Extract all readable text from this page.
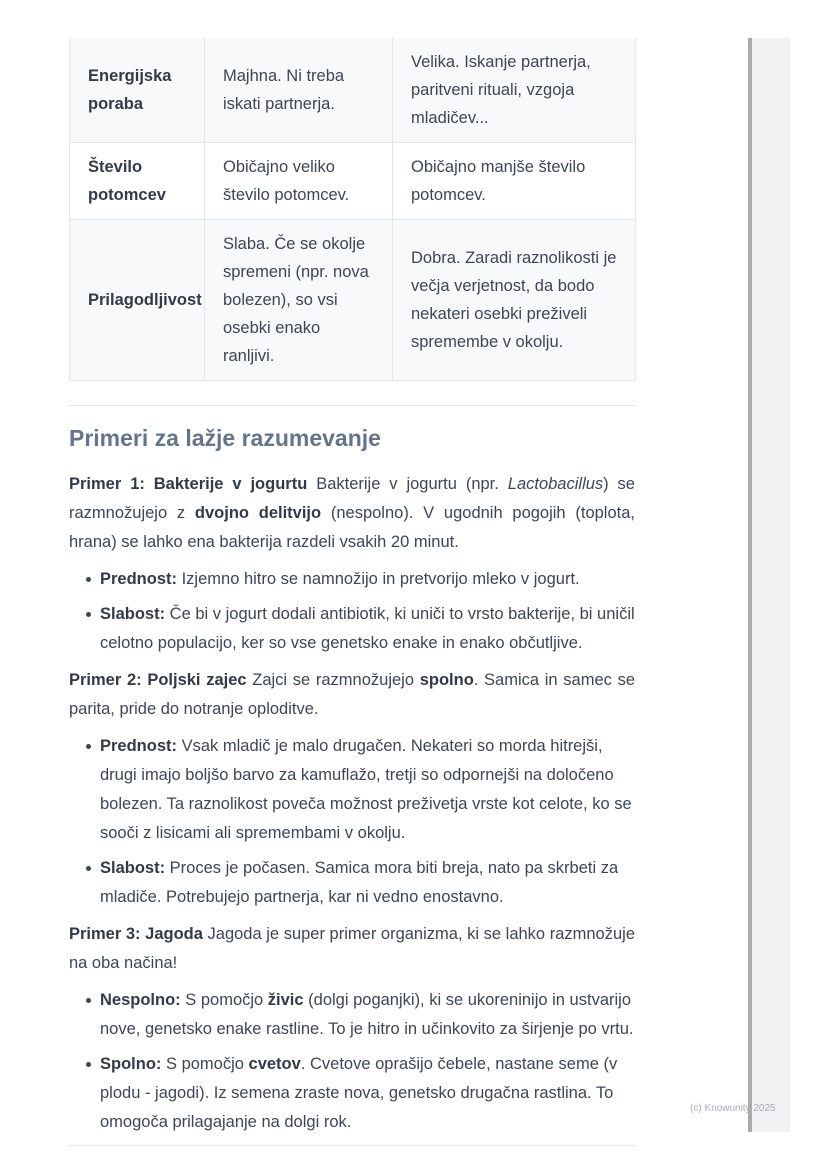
Energijska poraba	Majhna. Ni treba iskati partnerja.	Velika. Iskanje partnerja, paritveni rituali, vzgoja mladičev...
Število potomcev	Običajno veliko število potomcev.	Običajno manjše število potomcev.
Prilagodljivost	Slaba. Če se okolje spremeni (npr. nova bolezen), so vsi osebki enako ranljivi.	Dobra. Zaradi raznolikosti je večja verjetnost, da bodo nekateri osebki preživeli spremembe v okolju.
Primeri za lažje razumevanje

Primer 1: Bakterije v jogurtu Bakterije v jogurtu (npr. Lactobacillus) se razmnožujejo z dvojno delitvijo (nespolno). V ugodnih pogojih (toplota, hrana) se lahko ena bakterija razdeli vsakih 20 minut.

Prednost: Izjemno hitro se namnožijo in pretvorijo mleko v jogurt.
Slabost: Če bi v jogurt dodali antibiotik, ki uniči to vrsto bakterije, bi uničil celotno populacijo, ker so vse genetsko enake in enako občutljive.

Primer 2: Poljski zajec Zajci se razmnožujejo spolno. Samica in samec se parita, pride do notranje oploditve.

Prednost: Vsak mladič je malo drugačen. Nekateri so morda hitrejši, drugi imajo boljšo barvo za kamuflažo, tretji so odpornejši na določeno bolezen. Ta raznolikost poveča možnost preživetja vrste kot celote, ko se sooči z lisicami ali spremembami v okolju.
Slabost: Proces je počasen. Samica mora biti breja, nato pa skrbeti za mladiče. Potrebujejo partnerja, kar ni vedno enostavno.

Primer 3: Jagoda Jagoda je super primer organizma, ki se lahko razmnožuje na oba načina!

Nespolno: S pomočjo živic (dolgi poganjki), ki se ukoreninijo in ustvarijo nove, genetsko enake rastline. To je hitro in učinkovito za širjenje po vrtu.
Spolno: S pomočjo cvetov. Cvetove oprašijo čebele, nastane seme (v plodu - jagodi). Iz semena zraste nova, genetsko drugačna rastlina. To omogoča prilagajanje na dolgi rok.
(c) Knowunity 2025
